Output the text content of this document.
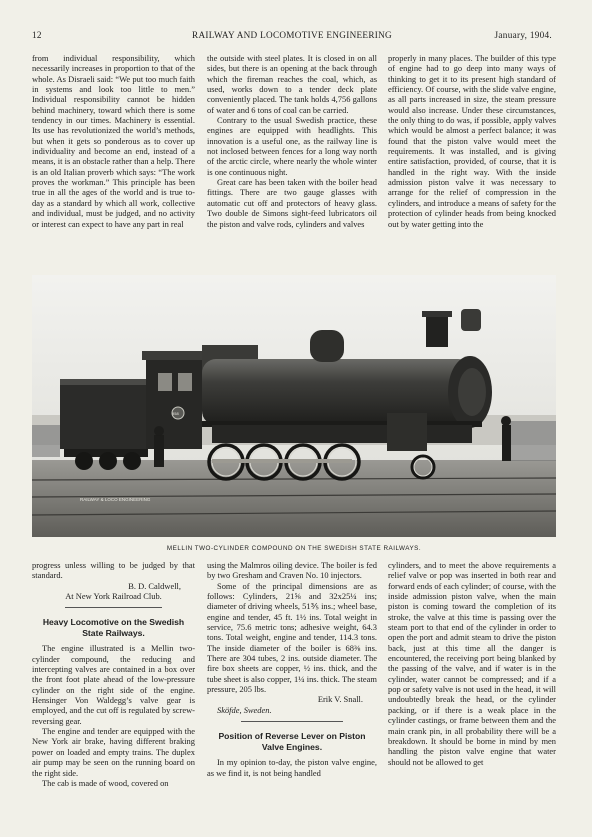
12	RAILWAY AND LOCOMOTIVE ENGINEERING	January, 1904.

from individual responsibility, which necessarily increases in proportion to that of the whole. As Disraeli said: “We put too much faith in systems and look too little to men.” Individual responsibility cannot be hidden behind machinery, toward which there is some tendency in our times. Machinery is essential. Its use has revolutionized the world’s methods, but when it gets so ponderous as to cover up individuality and become an end, instead of a means, it is an obstacle rather than a help. There is an old Italian proverb which says: “The work proves the workman.” This principle has been true in all the ages of the world and is true to-day as a standard by which all work, collective and individual, must be judged, and no activity or interest can expect to have any part in real

the outside with steel plates. It is closed in on all sides, but there is an opening at the back through which the fireman reaches the coal, which, as used, works down to a tender deck plate conveniently placed. The tank holds 4,756 gallons of water and 6 tons of coal can be carried.

Contrary to the usual Swedish practice, these engines are equipped with headlights. This innovation is a useful one, as the railway line is not inclosed between fences for a long way north of the arctic circle, where nearly the whole winter is one continuous night.

Great care has been taken with the boiler head fittings. There are two gauge glasses with automatic cut off and protectors of heavy glass. Two double de Simons sight-feed lubricators oil the piston and valve rods, cylinders and valves

properly in many places. The builder of this type of engine had to go deep into many ways of thinking to get it to its present high standard of efficiency. Of course, with the slide valve engine, as all parts increased in size, the steam pressure would also increase. Under these circumstances, the only thing to do was, if possible, apply valves which would be almost a perfect balance; it was found that the piston valve would meet the requirements. It was installed, and is giving entire satisfaction, provided, of course, that it is handled in the right way. With the inside admission piston valve it was necessary to arrange for the relief of compression in the cylinders, and introduce a means of safety for the protection of cylinder heads from being knocked out by water getting into the

RAILWAY & LOCO ENGINEERING
958
MELLIN TWO-CYLINDER COMPOUND ON THE SWEDISH STATE RAILWAYS.

progress unless willing to be judged by that standard.

B. D. Caldwell,

At New York Railroad Club.

Heavy Locomotive on the Swedish State Railways.

The engine illustrated is a Mellin two-cylinder compound, the reducing and intercepting valves are contained in a box over the front foot plate ahead of the low-pressure cylinder on the right side of the engine. Hensinger Von Waldegg’s valve gear is employed, and the cut off is regulated by screw-reversing gear.

The engine and tender are equipped with the New York air brake, having different braking power on loaded and empty trains. The duplex air pump may be seen on the running board on the right side.

The cab is made of wood, covered on

using the Malmros oiling device. The boiler is fed by two Gresham and Craven No. 10 injectors.

Some of the principal dimensions are as follows: Cylinders, 21⅝ and 32x25¼ ins; diameter of driving wheels, 51⅗ ins.; wheel base, engine and tender, 45 ft. 1½ ins. Total weight in service, 75.6 metric tons; adhesive weight, 64.3 tons. Total weight, engine and tender, 114.3 tons. The inside diameter of the boiler is 68⅜ ins. There are 304 tubes, 2 ins. outside diameter. The fire box sheets are copper, ½ ins. thick, and the tube sheet is also copper, 1¼ ins. thick. The steam pressure, 205 lbs.

Erik V. Snall.

Sköfde, Sweden.

Position of Reverse Lever on Piston Valve Engines.

In my opinion to-day, the piston valve engine, as we find it, is not being handled

cylinders, and to meet the above requirements a relief valve or pop was inserted in both rear and forward ends of each cylinder; of course, with the inside admission piston valve, when the main piston is coming toward the completion of its stroke, the valve at this time is passing over the steam port to that end of the cylinder in order to open the port and admit steam to drive the piston back, just at this time all the danger is encountered, the receiving port being blanked by the passing of the valve, and if water is in the cylinder, water cannot be compressed; and if a pop or safety valve is not used in the head, it will undoubtedly break the head, or the cylinder packing, or if there is a weak place in the cylinder castings, or frame between them and the main crank pin, in all probability there will be a breakdown. It should be borne in mind by men handling the piston valve engine that water should not be allowed to get
